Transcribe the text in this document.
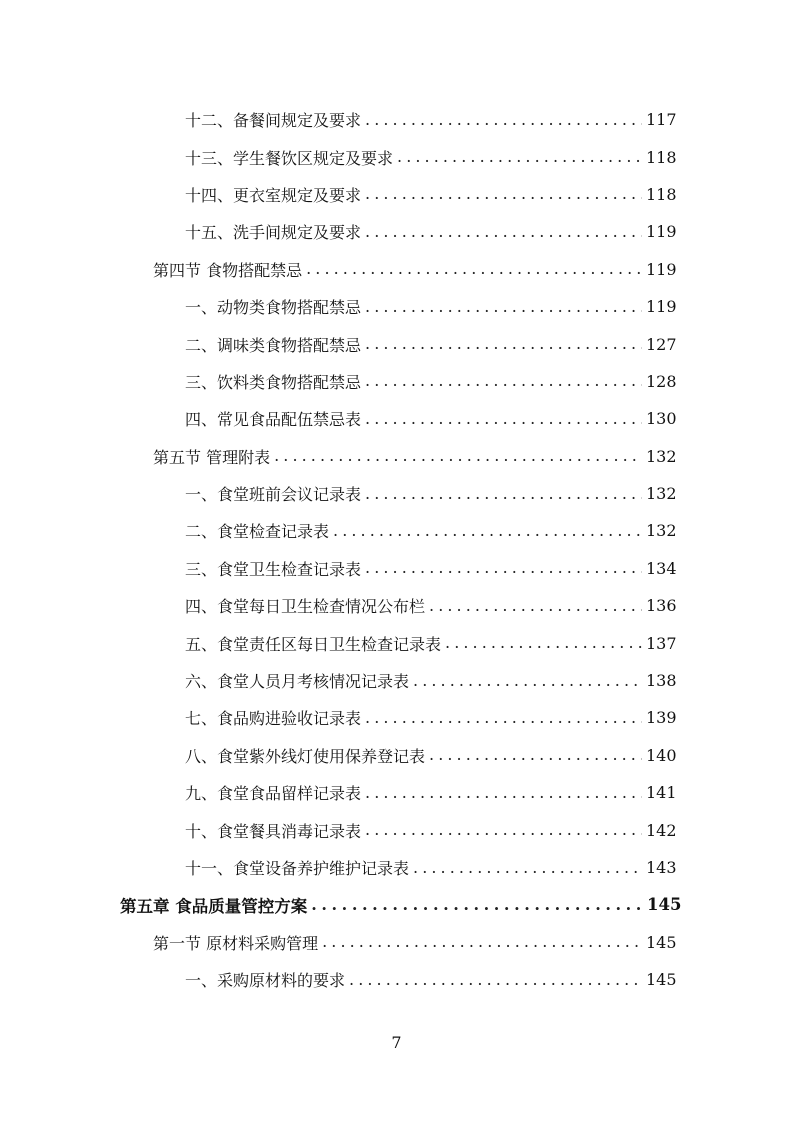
十二、备餐间规定及要求 . . .	117
十三、学生餐饮区规定及要求 . . .	118
十四、更衣室规定及要求 . . .	118
十五、洗手间规定及要求 . . .	119
第四节 食物搭配禁忌 . . .	119
一、动物类食物搭配禁忌 . . .	119
二、调味类食物搭配禁忌 . . .	127
三、饮料类食物搭配禁忌 . . .	128
四、常见食品配伍禁忌表 . . .	130
第五节 管理附表 . . .	132
一、食堂班前会议记录表 . . .	132
二、食堂检查记录表 . . .	132
三、食堂卫生检查记录表 . . .	134
四、食堂每日卫生检查情况公布栏 . . .	136
五、食堂责任区每日卫生检查记录表 . . .	137
六、食堂人员月考核情况记录表 . . .	138
七、食品购进验收记录表 . . .	139
八、食堂紫外线灯使用保养登记表 . . .	140
九、食堂食品留样记录表 . . .	141
十、食堂餐具消毒记录表 . . .	142
十一、食堂设备养护维护记录表 . . .	143
第五章 食品质量管控方案 . . .	145
第一节 原材料采购管理 . . .	145
一、采购原材料的要求 . . .	145
7
